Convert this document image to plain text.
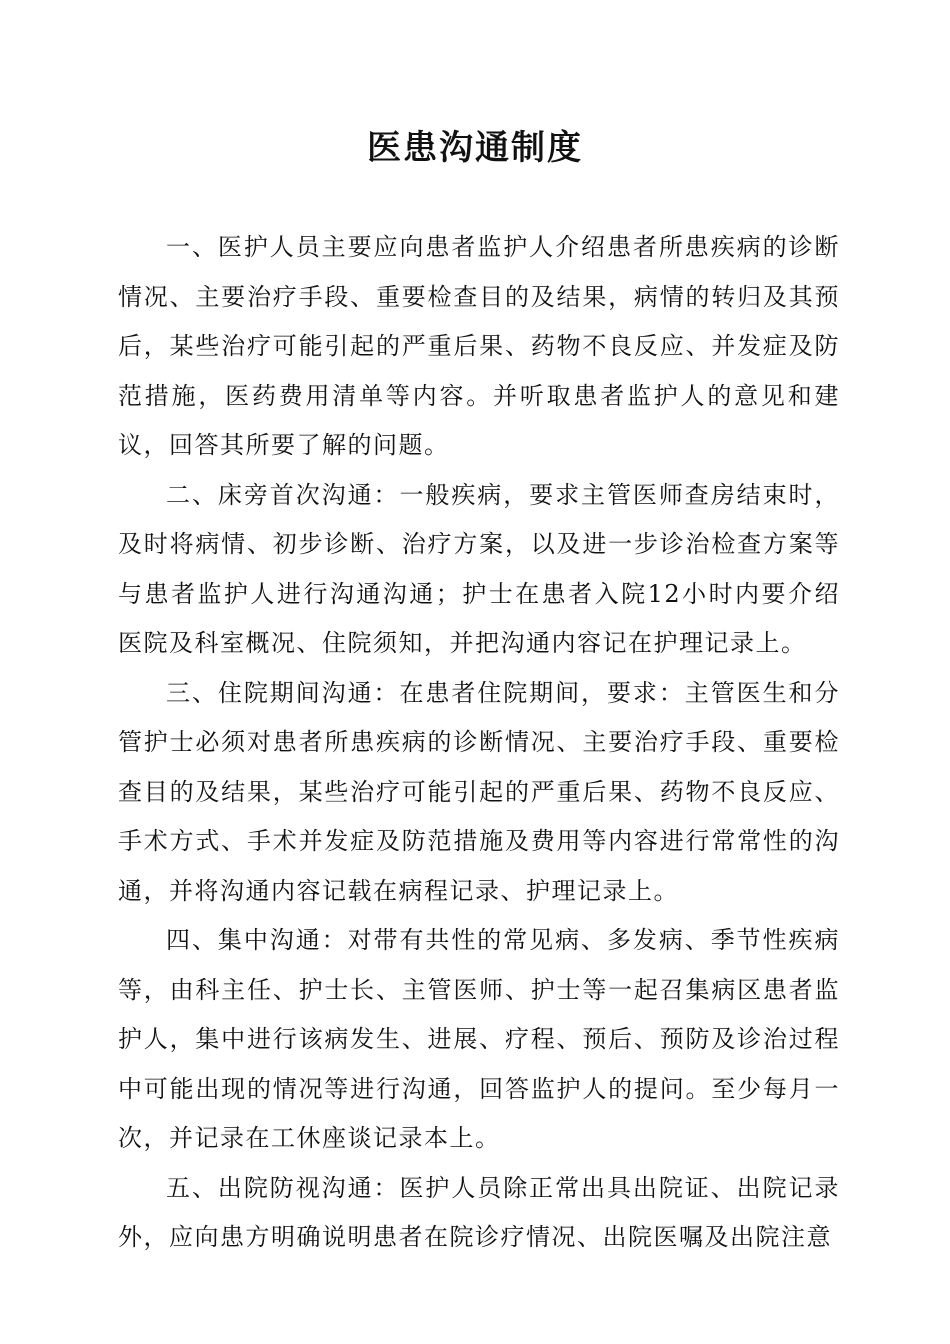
医患沟通制度

一、医护人员主要应向患者监护人介绍患者所患疾病的诊断情况、主要治疗手段、重要检查目的及结果，病情的转归及其预后，某些治疗可能引起的严重后果、药物不良反应、并发症及防范措施，医药费用清单等内容。并听取患者监护人的意见和建议，回答其所要了解的问题。

二、床旁首次沟通：一般疾病，要求主管医师查房结束时，及时将病情、初步诊断、治疗方案，以及进一步诊治检查方案等与患者监护人进行沟通沟通；护士在患者入院12小时内要介绍医院及科室概况、住院须知，并把沟通内容记在护理记录上。

三、住院期间沟通：在患者住院期间，要求：主管医生和分管护士必须对患者所患疾病的诊断情况、主要治疗手段、重要检查目的及结果，某些治疗可能引起的严重后果、药物不良反应、手术方式、手术并发症及防范措施及费用等内容进行常常性的沟通，并将沟通内容记载在病程记录、护理记录上。

四、集中沟通：对带有共性的常见病、多发病、季节性疾病等，由科主任、护士长、主管医师、护士等一起召集病区患者监护人，集中进行该病发生、进展、疗程、预后、预防及诊治过程中可能出现的情况等进行沟通，回答监护人的提问。至少每月一次，并记录在工休座谈记录本上。

五、出院防视沟通：医护人员除正常出具出院证、出院记录外，应向患方明确说明患者在院诊疗情况、出院医嘱及出院注意
